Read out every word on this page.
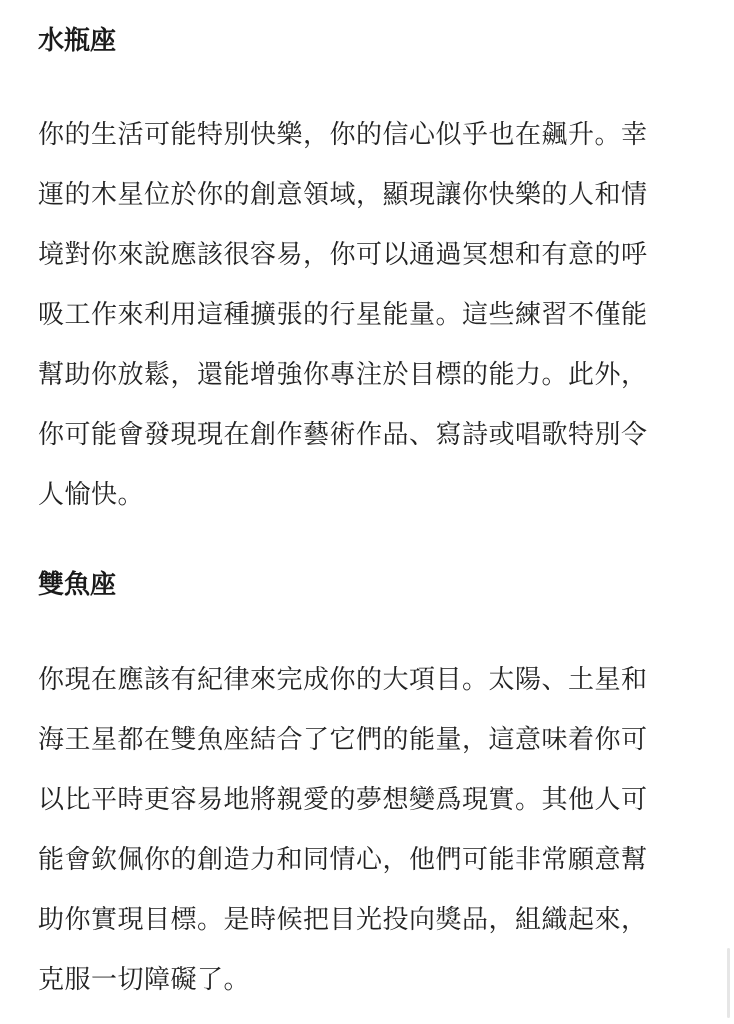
水瓶座
你的生活可能特別快樂，你的信心似乎也在飆升。幸
運的木星位於你的創意領域，顯現讓你快樂的人和情
境對你來說應該很容易，你可以通過冥想和有意的呼
吸工作來利用這種擴張的行星能量。這些練習不僅能
幫助你放鬆，還能增強你專注於目標的能力。此外，
你可能會發現現在創作藝術作品、寫詩或唱歌特別令
人愉快。
雙魚座
你現在應該有紀律來完成你的大項目。太陽、土星和
海王星都在雙魚座結合了它們的能量，這意味着你可
以比平時更容易地將親愛的夢想變爲現實。其他人可
能會欽佩你的創造力和同情心，他們可能非常願意幫
助你實現目標。是時候把目光投向獎品，組織起來，
克服一切障礙了。
